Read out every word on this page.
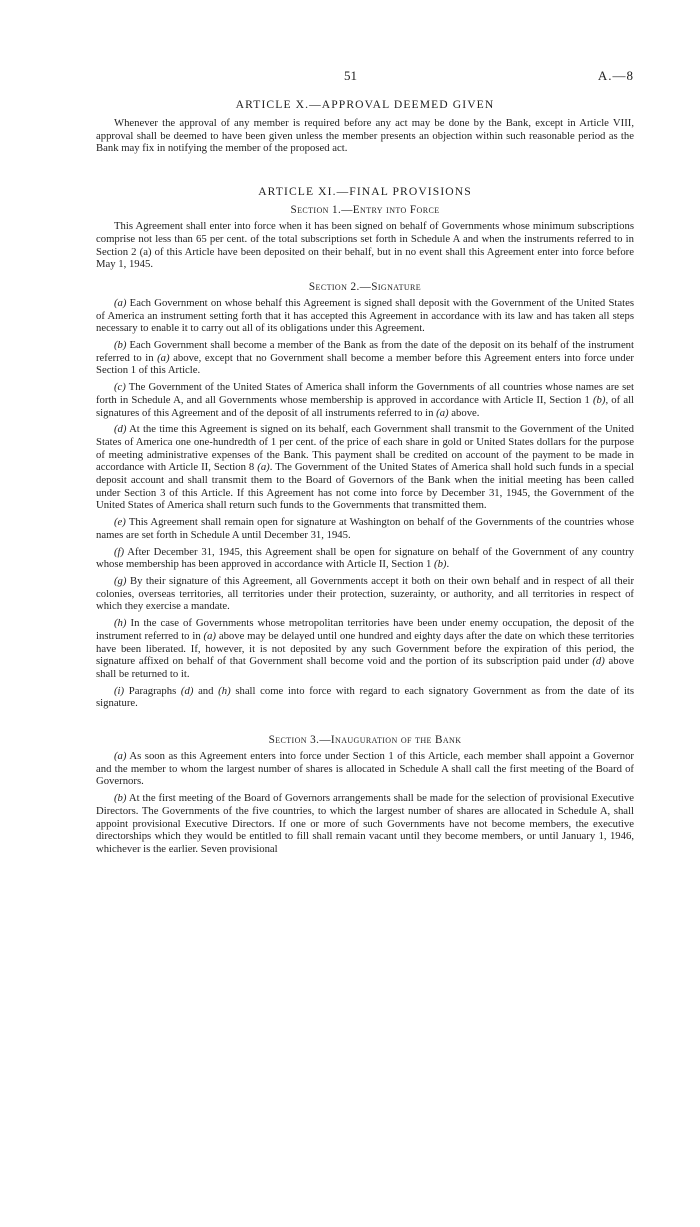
51	A.—8
ARTICLE X.—APPROVAL DEEMED GIVEN

Whenever the approval of any member is required before any act may be done by the Bank, except in Article VIII, approval shall be deemed to have been given unless the member presents an objection within such reasonable period as the Bank may fix in notifying the member of the proposed act.

ARTICLE XI.—FINAL PROVISIONS
Section 1.—Entry into Force

This Agreement shall enter into force when it has been signed on behalf of Governments whose minimum subscriptions comprise not less than 65 per cent. of the total subscriptions set forth in Schedule A and when the instruments referred to in Section 2 (a) of this Article have been deposited on their behalf, but in no event shall this Agreement enter into force before May 1, 1945.

Section 2.—Signature

(a) Each Government on whose behalf this Agreement is signed shall deposit with the Government of the United States of America an instrument setting forth that it has accepted this Agreement in accordance with its law and has taken all steps necessary to enable it to carry out all of its obligations under this Agreement.

(b) Each Government shall become a member of the Bank as from the date of the deposit on its behalf of the instrument referred to in (a) above, except that no Government shall become a member before this Agreement enters into force under Section 1 of this Article.

(c) The Government of the United States of America shall inform the Governments of all countries whose names are set forth in Schedule A, and all Governments whose membership is approved in accordance with Article II, Section 1 (b), of all signatures of this Agreement and of the deposit of all instruments referred to in (a) above.

(d) At the time this Agreement is signed on its behalf, each Government shall transmit to the Government of the United States of America one one-hundredth of 1 per cent. of the price of each share in gold or United States dollars for the purpose of meeting administrative expenses of the Bank. This payment shall be credited on account of the payment to be made in accordance with Article II, Section 8 (a). The Government of the United States of America shall hold such funds in a special deposit account and shall transmit them to the Board of Governors of the Bank when the initial meeting has been called under Section 3 of this Article. If this Agreement has not come into force by December 31, 1945, the Government of the United States of America shall return such funds to the Governments that transmitted them.

(e) This Agreement shall remain open for signature at Washington on behalf of the Governments of the countries whose names are set forth in Schedule A until December 31, 1945.

(f) After December 31, 1945, this Agreement shall be open for signature on behalf of the Government of any country whose membership has been approved in accordance with Article II, Section 1 (b).

(g) By their signature of this Agreement, all Governments accept it both on their own behalf and in respect of all their colonies, overseas territories, all territories under their protection, suzerainty, or authority, and all territories in respect of which they exercise a mandate.

(h) In the case of Governments whose metropolitan territories have been under enemy occupation, the deposit of the instrument referred to in (a) above may be delayed until one hundred and eighty days after the date on which these territories have been liberated. If, however, it is not deposited by any such Government before the expiration of this period, the signature affixed on behalf of that Government shall become void and the portion of its subscription paid under (d) above shall be returned to it.

(i) Paragraphs (d) and (h) shall come into force with regard to each signatory Government as from the date of its signature.

Section 3.—Inauguration of the Bank

(a) As soon as this Agreement enters into force under Section 1 of this Article, each member shall appoint a Governor and the member to whom the largest number of shares is allocated in Schedule A shall call the first meeting of the Board of Governors.

(b) At the first meeting of the Board of Governors arrangements shall be made for the selection of provisional Executive Directors. The Governments of the five countries, to which the largest number of shares are allocated in Schedule A, shall appoint provisional Executive Directors. If one or more of such Governments have not become members, the executive directorships which they would be entitled to fill shall remain vacant until they become members, or until January 1, 1946, whichever is the earlier. Seven provisional
